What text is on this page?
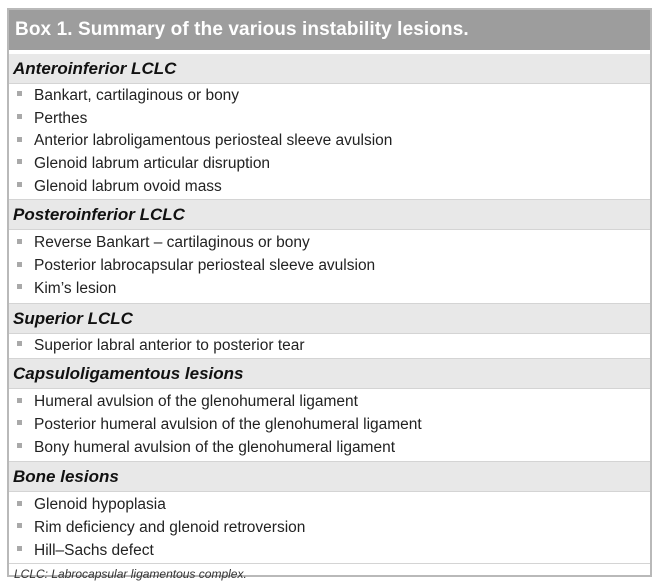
Box 1. Summary of the various instability lesions.
Anteroinferior LCLC
Bankart, cartilaginous or bony
Perthes
Anterior labroligamentous periosteal sleeve avulsion
Glenoid labrum articular disruption
Glenoid labrum ovoid mass
Posteroinferior LCLC
Reverse Bankart – cartilaginous or bony
Posterior labrocapsular periosteal sleeve avulsion
Kim’s lesion
Superior LCLC
Superior labral anterior to posterior tear
Capsuloligamentous lesions
Humeral avulsion of the glenohumeral ligament
Posterior humeral avulsion of the glenohumeral ligament
Bony humeral avulsion of the glenohumeral ligament
Bone lesions
Glenoid hypoplasia
Rim deficiency and glenoid retroversion
Hill–Sachs defect
LCLC: Labrocapsular ligamentous complex.
